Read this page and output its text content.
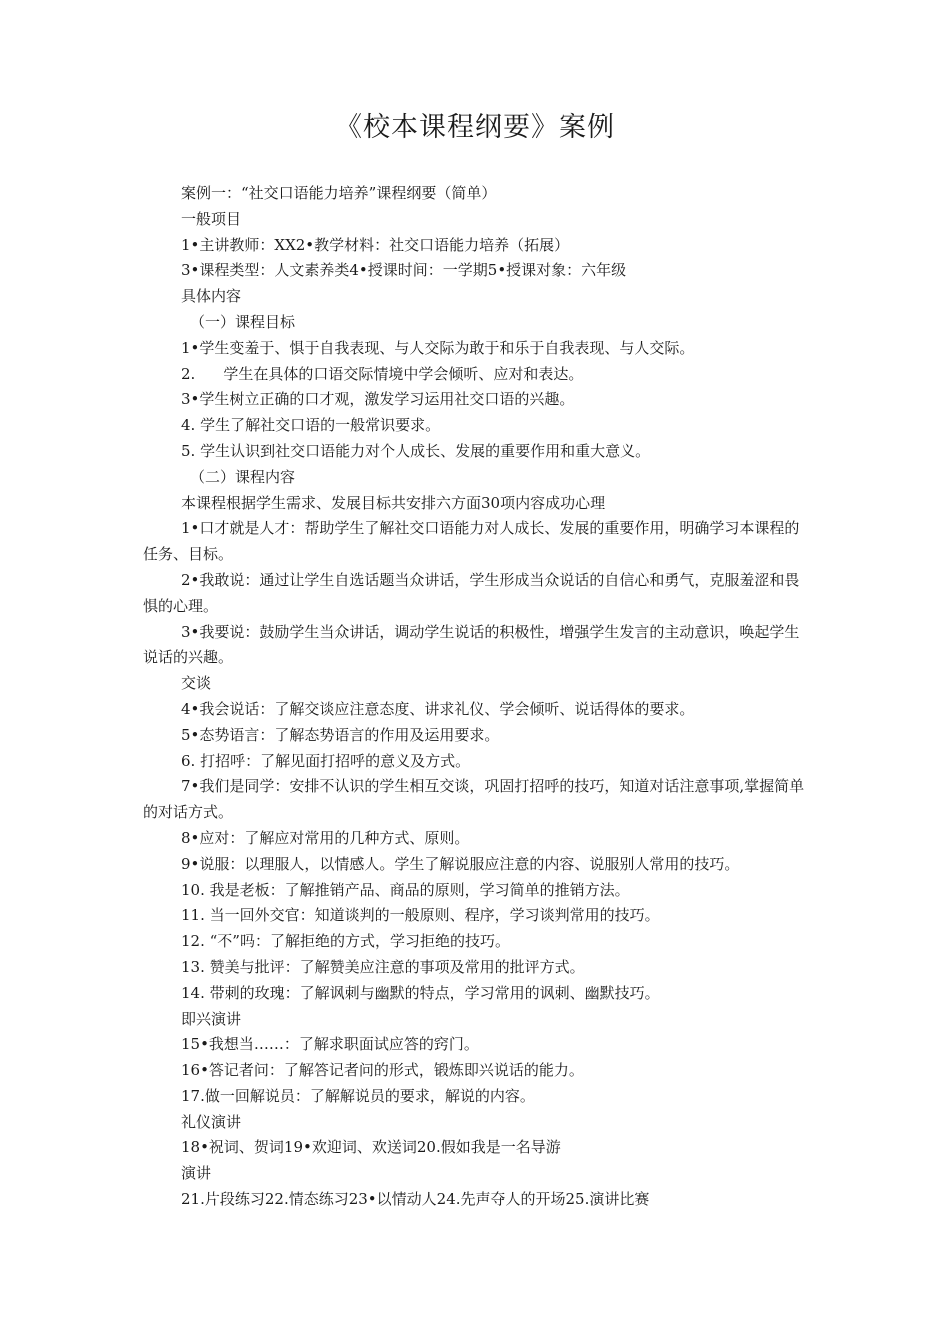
《校本课程纲要》案例

案例一：“社交口语能力培养”课程纲要（简单）

一般项目

1•主讲教师：XX2•教学材料：社交口语能力培养（拓展）

3•课程类型：人文素养类4•授课时间：一学期5•授课对象：六年级

具体内容

（一）课程目标

1•学生变羞于、惧于自我表现、与人交际为敢于和乐于自我表现、与人交际。

2. 学生在具体的口语交际情境中学会倾听、应对和表达。

3•学生树立正确的口才观，激发学习运用社交口语的兴趣。

4. 学生了解社交口语的一般常识要求。

5. 学生认识到社交口语能力对个人成长、发展的重要作用和重大意义。

（二）课程内容

本课程根据学生需求、发展目标共安排六方面30项内容成功心理

1•口才就是人才：帮助学生了解社交口语能力对人成长、发展的重要作用，明确学习本课程的任务、目标。

2•我敢说：通过让学生自选话题当众讲话，学生形成当众说话的自信心和勇气，克服羞涩和畏惧的心理。

3•我要说：鼓励学生当众讲话，调动学生说话的积极性，增强学生发言的主动意识，唤起学生说话的兴趣。

交谈

4•我会说话：了解交谈应注意态度、讲求礼仪、学会倾听、说话得体的要求。

5•态势语言：了解态势语言的作用及运用要求。

6. 打招呼：了解见面打招呼的意义及方式。

7•我们是同学：安排不认识的学生相互交谈，巩固打招呼的技巧，知道对话注意事项,掌握简单的对话方式。

8•应对：了解应对常用的几种方式、原则。

9•说服：以理服人，以情感人。学生了解说服应注意的内容、说服别人常用的技巧。

10. 我是老板：了解推销产品、商品的原则，学习简单的推销方法。

11. 当一回外交官：知道谈判的一般原则、程序，学习谈判常用的技巧。

12. “不”吗：了解拒绝的方式，学习拒绝的技巧。

13. 赞美与批评：了解赞美应注意的事项及常用的批评方式。

14. 带刺的玫瑰：了解讽刺与幽默的特点，学习常用的讽刺、幽默技巧。

即兴演讲

15•我想当……：了解求职面试应答的窍门。

16•答记者问：了解答记者问的形式，锻炼即兴说话的能力。

17.做一回解说员：了解解说员的要求，解说的内容。

礼仪演讲

18•祝词、贺词19•欢迎词、欢送词20.假如我是一名导游

演讲

21.片段练习22.情态练习23•以情动人24.先声夺人的开场25.演讲比赛
